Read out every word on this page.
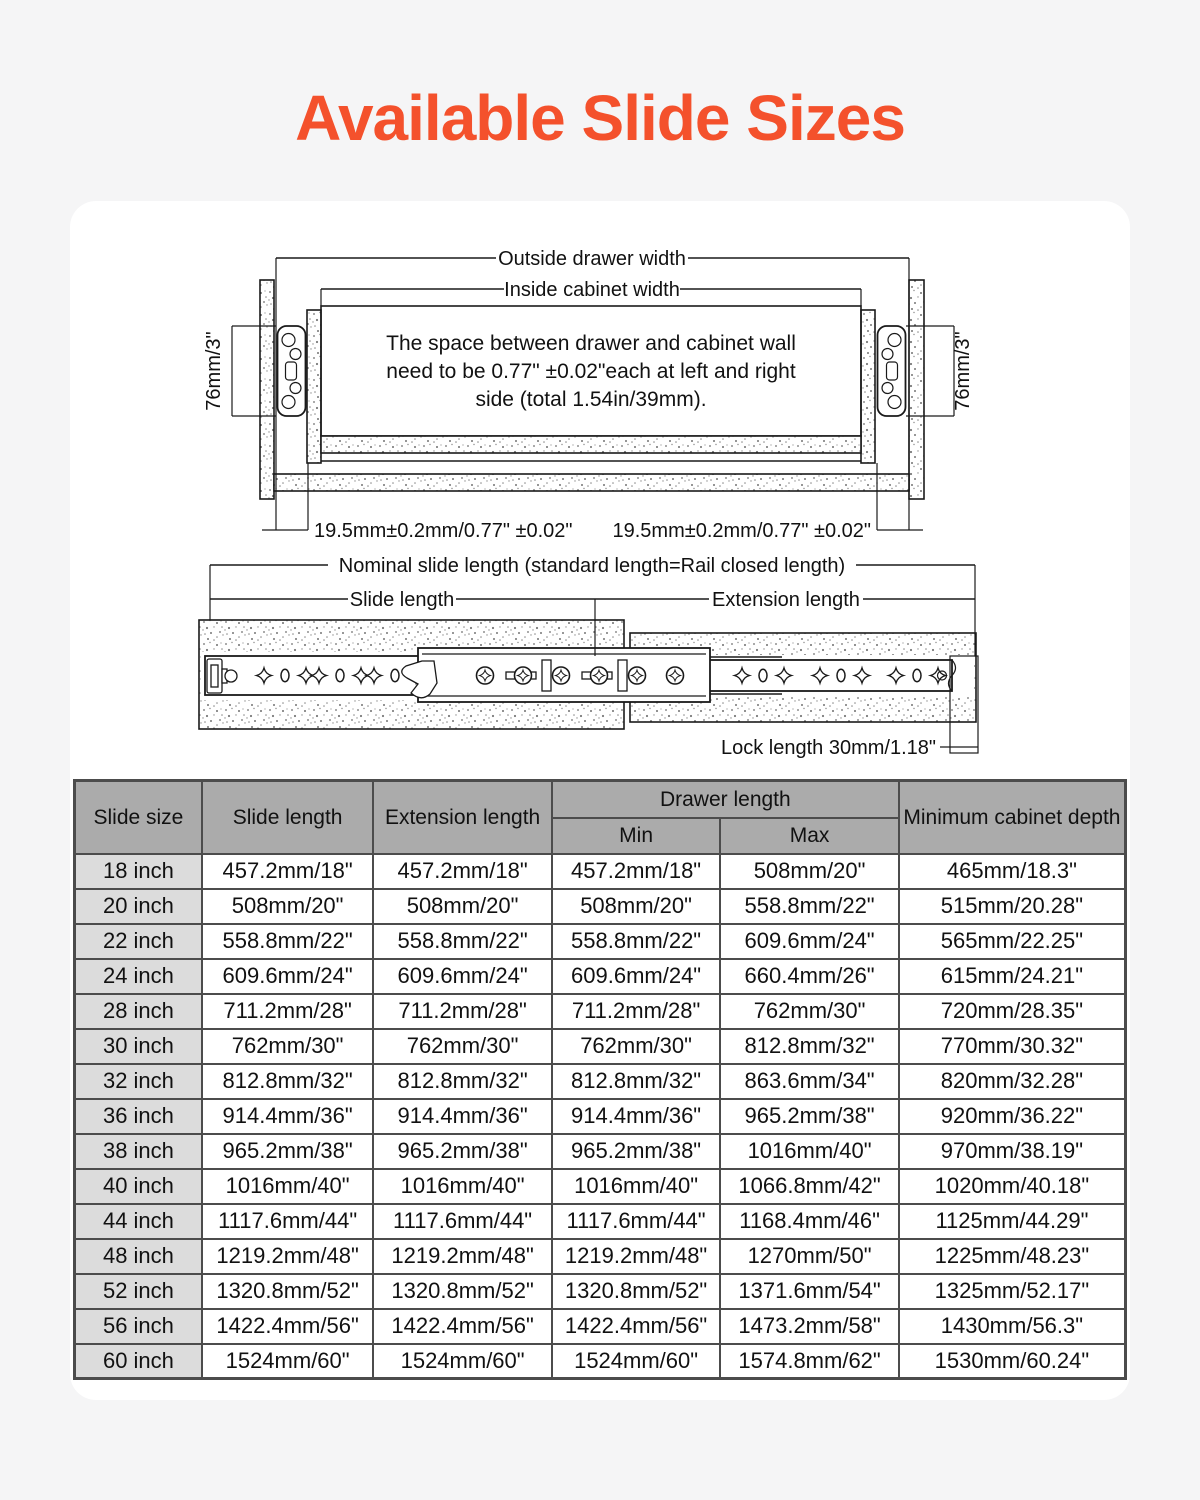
Available Slide Sizes
The space between drawer and cabinet wall
need to be 0.77" ±0.02"each at left and right
side (total 1.54in/39mm).
Outside drawer width
Inside cabinet width
76mm/3"	76mm/3"
19.5mm±0.2mm/0.77" ±0.02" 19.5mm±0.2mm/0.77" ±0.02"
Nominal slide length (standard length=Rail closed length)
Slide length	Extension length
Lock length 30mm/1.18"
Slide size	Slide length	Extension length	Drawer length		Minimum cabinet depth
			Min	Max	
18 inch	457.2mm/18"	457.2mm/18"	457.2mm/18"	508mm/20"	465mm/18.3"
20 inch	508mm/20"	508mm/20"	508mm/20"	558.8mm/22"	515mm/20.28"
22 inch	558.8mm/22"	558.8mm/22"	558.8mm/22"	609.6mm/24"	565mm/22.25"
24 inch	609.6mm/24"	609.6mm/24"	609.6mm/24"	660.4mm/26"	615mm/24.21"
28 inch	711.2mm/28"	711.2mm/28"	711.2mm/28"	762mm/30"	720mm/28.35"
30 inch	762mm/30"	762mm/30"	762mm/30"	812.8mm/32"	770mm/30.32"
32 inch	812.8mm/32"	812.8mm/32"	812.8mm/32"	863.6mm/34"	820mm/32.28"
36 inch	914.4mm/36"	914.4mm/36"	914.4mm/36"	965.2mm/38"	920mm/36.22"
38 inch	965.2mm/38"	965.2mm/38"	965.2mm/38"	1016mm/40"	970mm/38.19"
40 inch	1016mm/40"	1016mm/40"	1016mm/40"	1066.8mm/42"	1020mm/40.18"
44 inch	1117.6mm/44"	1117.6mm/44"	1117.6mm/44"	1168.4mm/46"	1125mm/44.29"
48 inch	1219.2mm/48"	1219.2mm/48"	1219.2mm/48"	1270mm/50"	1225mm/48.23"
52 inch	1320.8mm/52"	1320.8mm/52"	1320.8mm/52"	1371.6mm/54"	1325mm/52.17"
56 inch	1422.4mm/56"	1422.4mm/56"	1422.4mm/56"	1473.2mm/58"	1430mm/56.3"
60 inch	1524mm/60"	1524mm/60"	1524mm/60"	1574.8mm/62"	1530mm/60.24"
